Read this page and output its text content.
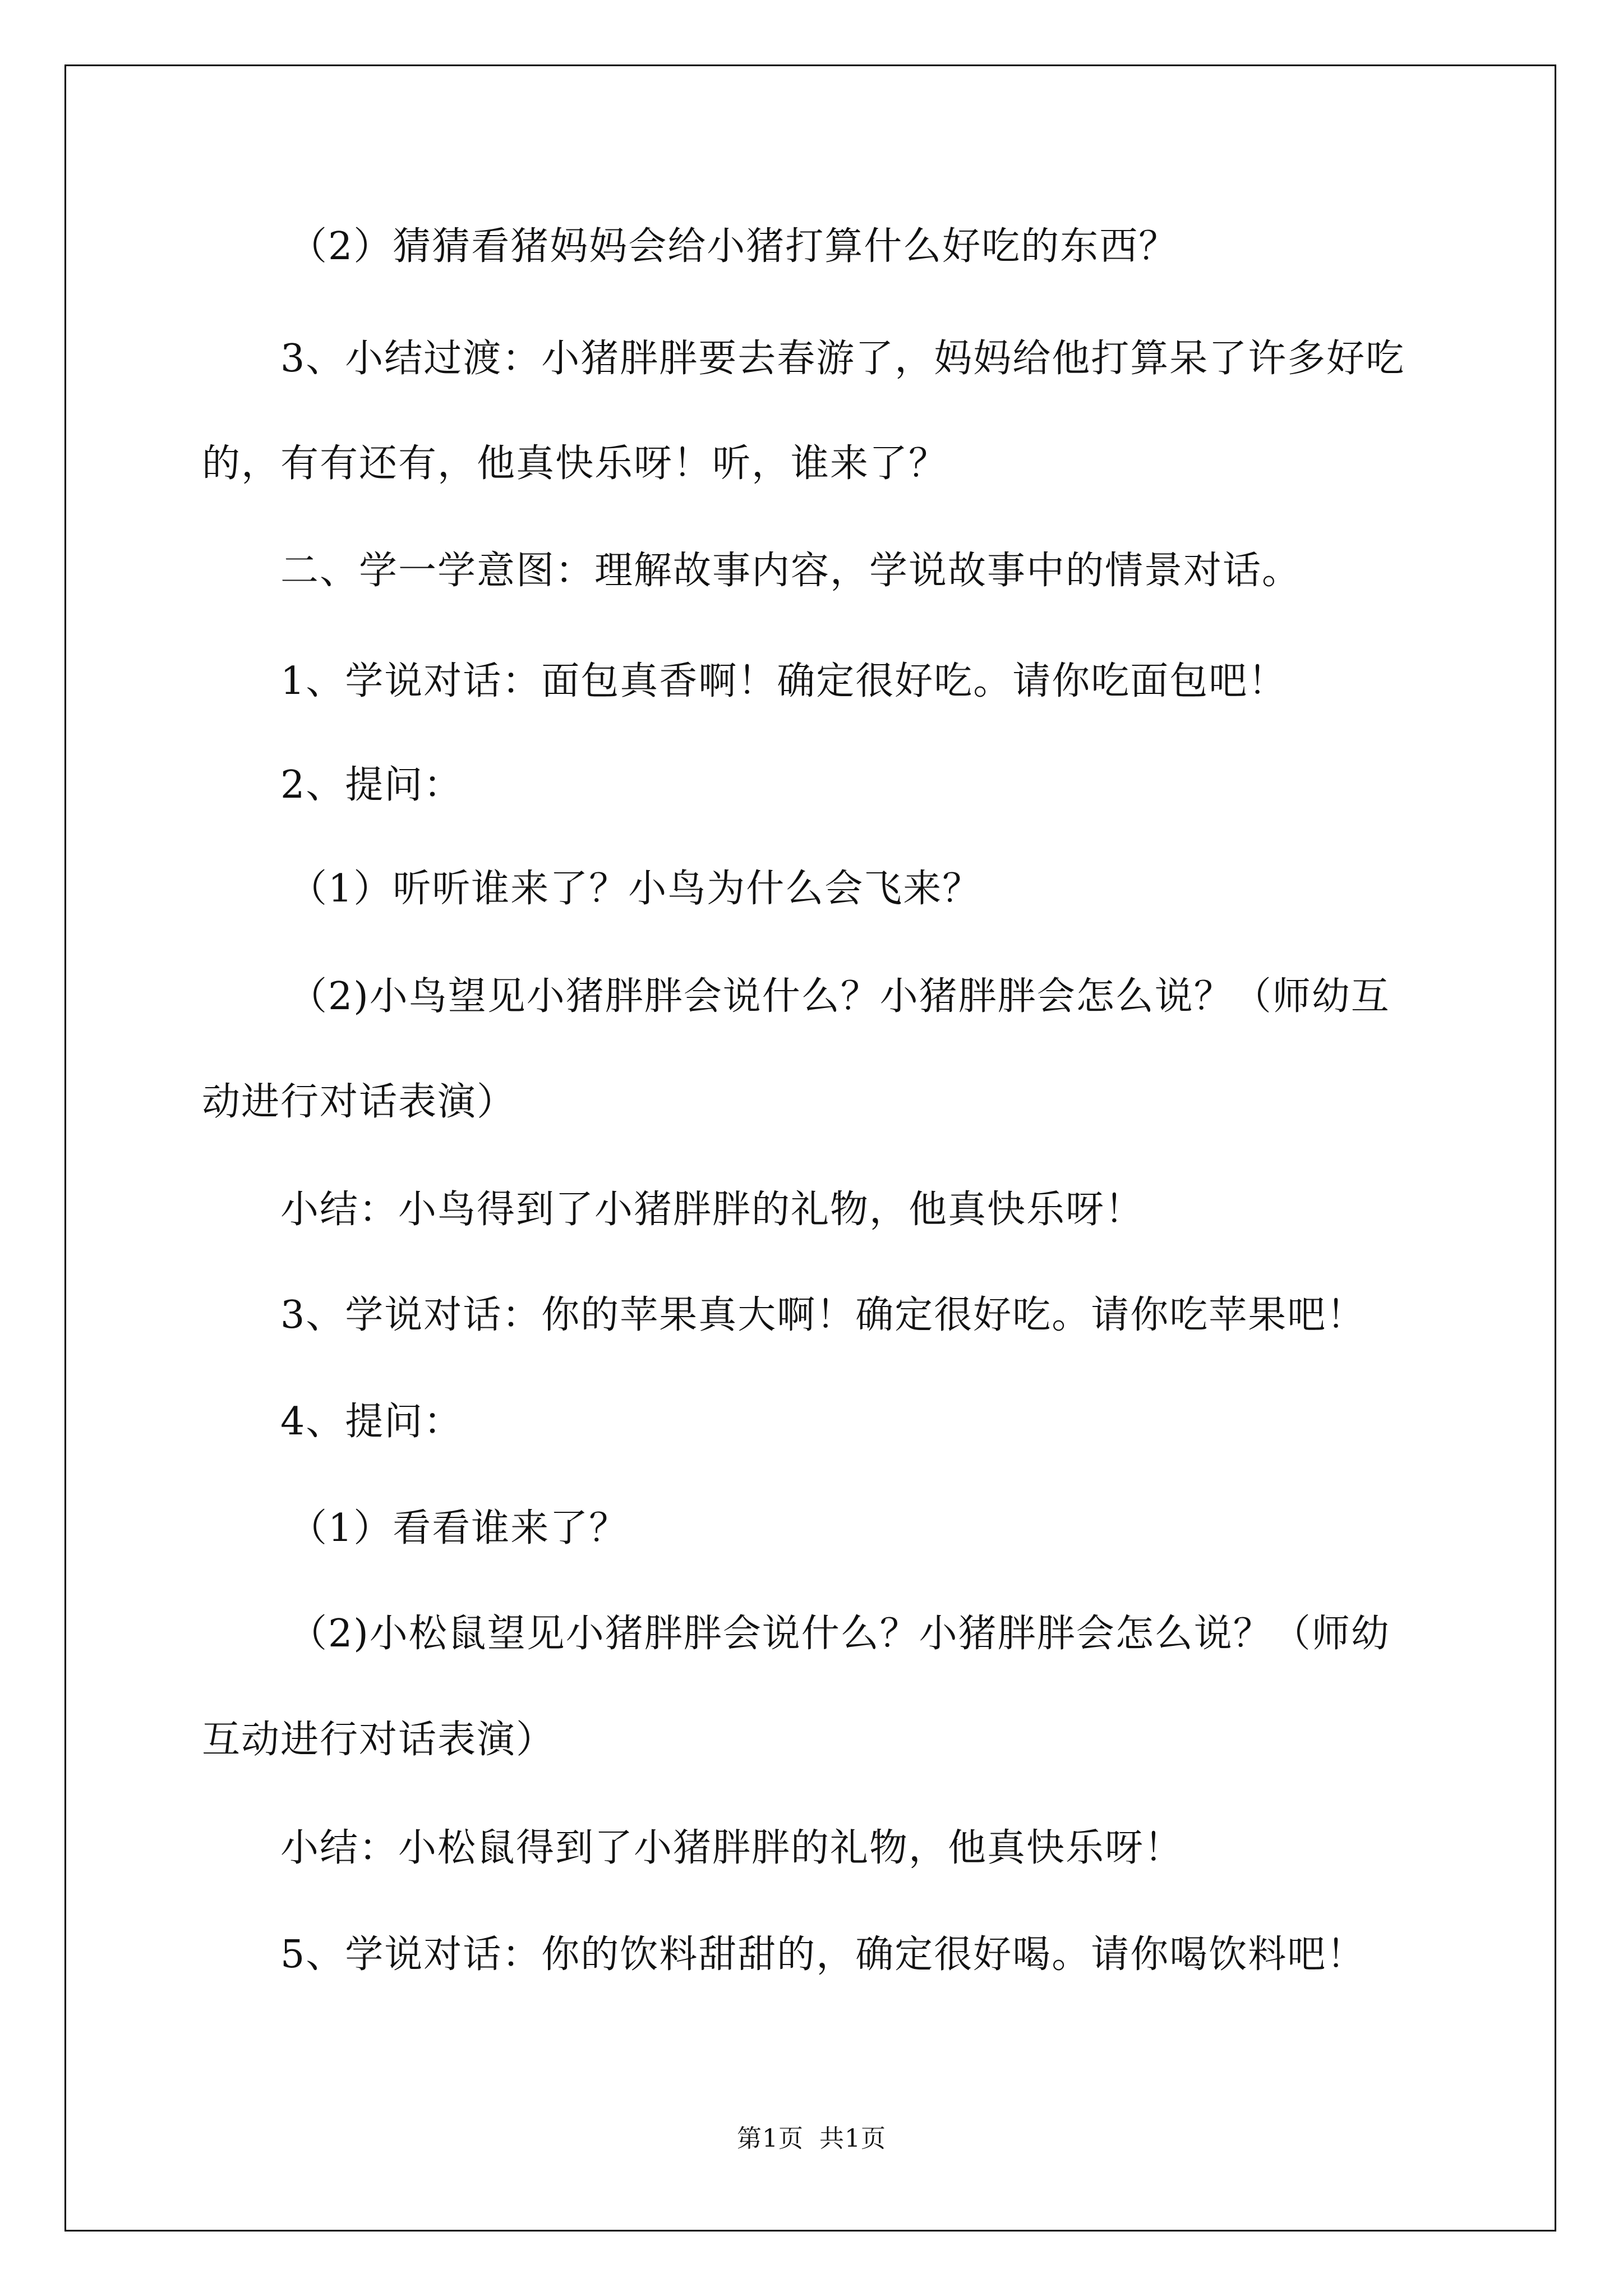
（2）猜猜看猪妈妈会给小猪打算什么好吃的东西？
3、小结过渡：小猪胖胖要去春游了，妈妈给他打算呆了许多好吃
的，有有还有，他真快乐呀！听，谁来了？
二、学一学意图：理解故事内容，学说故事中的情景对话。
1、学说对话：面包真香啊！确定很好吃。请你吃面包吧！
2、提问：
（1）听听谁来了？小鸟为什么会飞来？
（2)小鸟望见小猪胖胖会说什么？小猪胖胖会怎么说？（师幼互
动进行对话表演）
小结：小鸟得到了小猪胖胖的礼物，他真快乐呀！
3、学说对话：你的苹果真大啊！确定很好吃。请你吃苹果吧！
4、提问：
（1）看看谁来了？
（2)小松鼠望见小猪胖胖会说什么？小猪胖胖会怎么说？（师幼
互动进行对话表演）
小结：小松鼠得到了小猪胖胖的礼物，他真快乐呀！
5、学说对话：你的饮料甜甜的，确定很好喝。请你喝饮料吧！
第1页 共1页
